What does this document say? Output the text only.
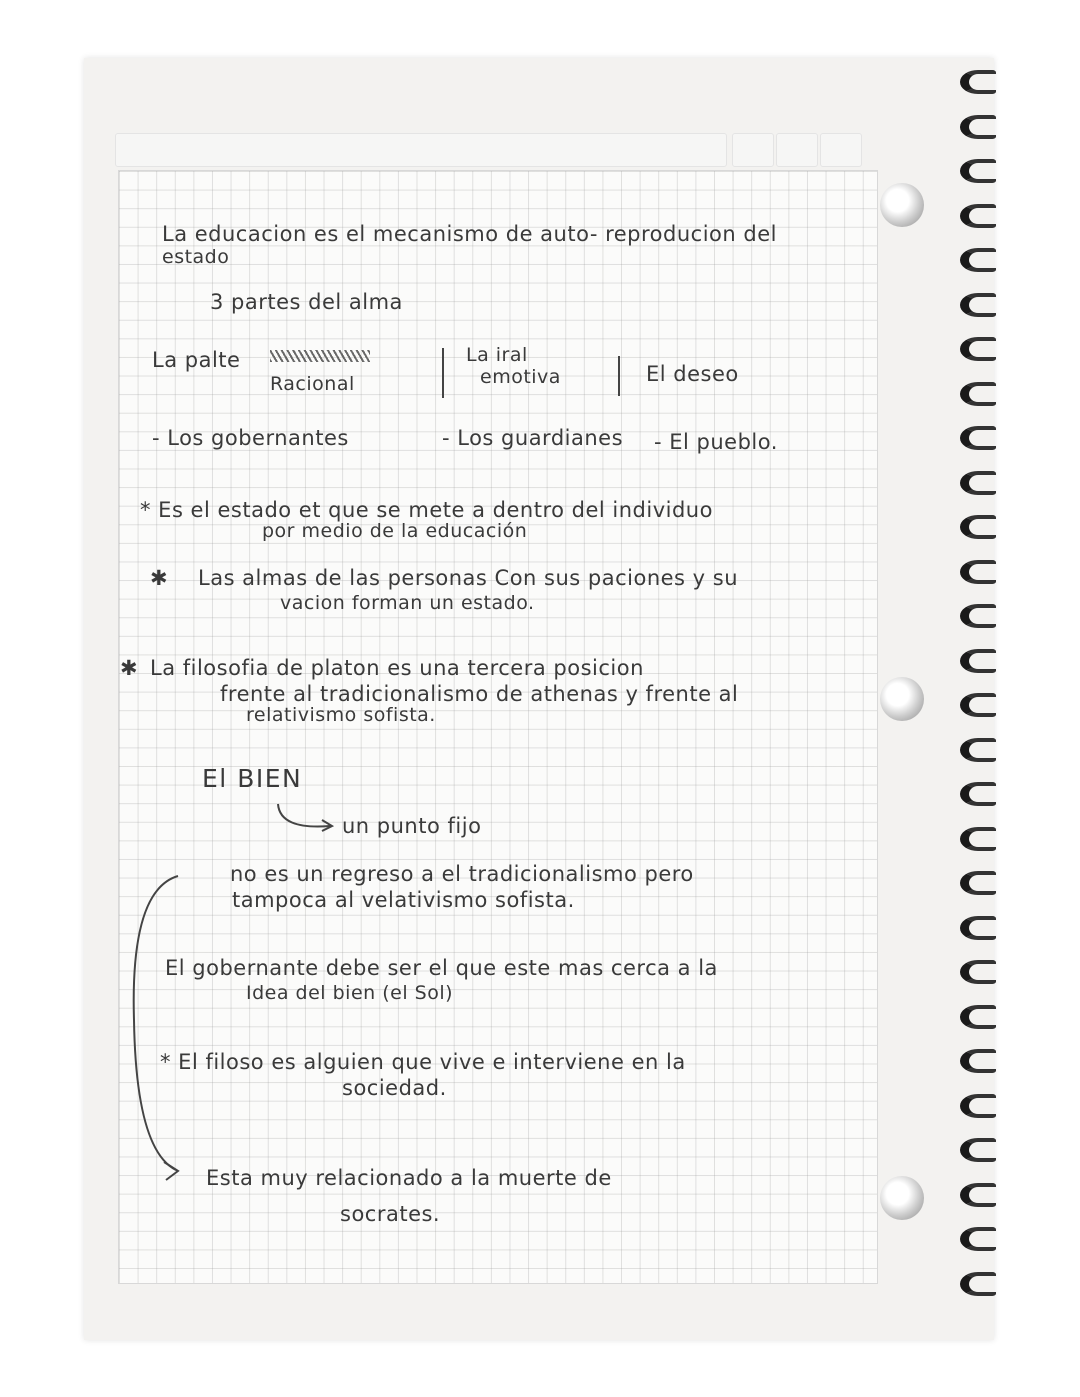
La educacion es el mecanismo de auto- reproducion del

estado

3 partes del alma

La palte

Racional

La iral

emotiva	El deseo

- Los gobernantes	- Los guardianes - El pueblo.

* Es el estado et que se mete a dentro del individuo

por medio de la educación

✱ Las almas de las personas Con sus paciones y su

vacion forman un estado.

✱ La filosofia de platon es una tercera posicion

frente al tradicionalismo de athenas y frente al

relativismo sofista.

El BIEN

un punto fijo

no es un regreso a el tradicionalismo pero

tampoca al velativismo sofista.

El gobernante debe ser el que este mas cerca a la

Idea del bien (el Sol)

* El filoso es alguien que vive e interviene en la

sociedad.

Esta muy relacionado a la muerte de

socrates.
